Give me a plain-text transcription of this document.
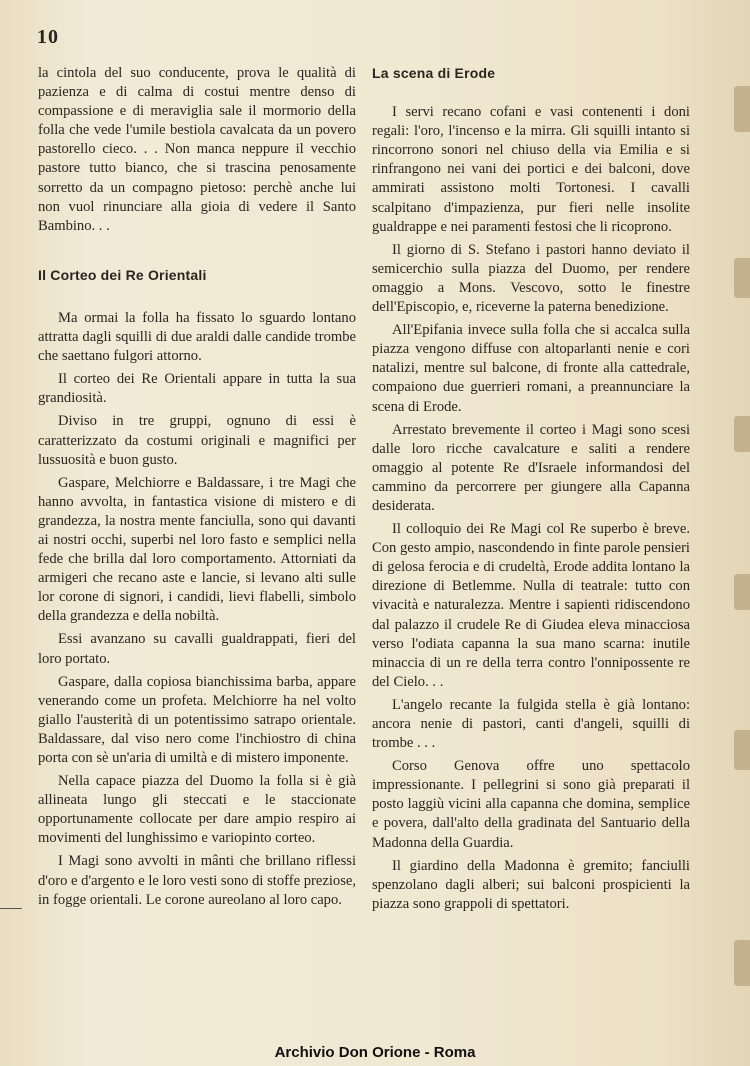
10

la cintola del suo conducente, prova le qualità di pazienza e di calma di costui mentre denso di compassione e di meraviglia sale il mormorio della folla che vede l'umile bestiola cavalcata da un povero pastorello cieco. . . Non manca neppure il vecchio pastore tutto bianco, che si trascina penosamente sorretto da un compagno pietoso: perchè anche lui non vuol rinunciare alla gioia di vedere il Santo Bambino. . .

Il Corteo dei Re Orientali

Ma ormai la folla ha fissato lo sguardo lontano attratta dagli squilli di due araldi dalle candide trombe che saettano fulgori attorno.

Il corteo dei Re Orientali appare in tutta la sua grandiosità.

Diviso in tre gruppi, ognuno di essi è caratterizzato da costumi originali e magnifici per lussuosità e buon gusto.

Gaspare, Melchiorre e Baldassare, i tre Magi che hanno avvolta, in fantastica visione di mistero e di grandezza, la nostra mente fanciulla, sono qui davanti ai nostri occhi, superbi nel loro fasto e semplici nella fede che brilla dal loro comportamento. Attorniati da armigeri che recano aste e lancie, si levano alti sulle lor corone di signori, i candidi, lievi flabelli, simbolo della grandezza e della nobiltà.

Essi avanzano su cavalli gualdrappati, fieri del loro portato.

Gaspare, dalla copiosa bianchissima barba, appare venerando come un profeta. Melchiorre ha nel volto giallo l'austerità di un potentissimo satrapo orientale. Baldassare, dal viso nero come l'inchiostro di china porta con sè un'aria di umiltà e di mistero imponente.

Nella capace piazza del Duomo la folla si è già allineata lungo gli steccati e le staccionate opportunamente collocate per dare ampio respiro ai movimenti del lunghissimo e variopinto corteo.

I Magi sono avvolti in mânti che brillano riflessi d'oro e d'argento e le loro vesti sono di stoffe preziose, in fogge orientali. Le corone aureolano al loro capo.

La scena di Erode

I servi recano cofani e vasi contenenti i doni regali: l'oro, l'incenso e la mirra. Gli squilli intanto si rincorrono sonori nel chiuso della via Emilia e si rinfrangono nei vani dei portici e dei balconi, dove ammirati assistono molti Tortonesi. I cavalli scalpitano d'impazienza, pur fieri nelle insolite gualdrappe e nei paramenti festosi che li ricoprono.

Il giorno di S. Stefano i pastori hanno deviato il semicerchio sulla piazza del Duomo, per rendere omaggio a Mons. Vescovo, sotto le finestre dell'Episcopio, e, riceverne la paterna benedizione.

All'Epifania invece sulla folla che si accalca sulla piazza vengono diffuse con altoparlanti nenie e cori natalizi, mentre sul balcone, di fronte alla cattedrale, compaiono due guerrieri romani, a preannunciare la scena di Erode.

Arrestato brevemente il corteo i Magi sono scesi dalle loro ricche cavalcature e saliti a rendere omaggio al potente Re d'Israele informandosi del cammino da percorrere per giungere alla Capanna desiderata.

Il colloquio dei Re Magi col Re superbo è breve. Con gesto ampio, nascondendo in finte parole pensieri di gelosa ferocia e di crudeltà, Erode addita lontano la direzione di Betlemme. Nulla di teatrale: tutto con vivacità e naturalezza. Mentre i sapienti ridiscendono dal palazzo il crudele Re di Giudea eleva minacciosa verso l'odiata capanna la sua mano scarna: inutile minaccia di un re della terra contro l'onnipossente re del Cielo. . .

L'angelo recante la fulgida stella è già lontano: ancora nenie di pastori, canti d'angeli, squilli di trombe . . .

Corso Genova offre uno spettacolo impressionante. I pellegrini si sono già preparati il posto laggiù vicini alla capanna che domina, semplice e povera, dall'alto della gradinata del Santuario della Madonna della Guardia.

Il giardino della Madonna è gremito; fanciulli spenzolano dagli alberi; sui balconi prospicienti la piazza sono grappoli di spettatori.

Archivio Don Orione - Roma
